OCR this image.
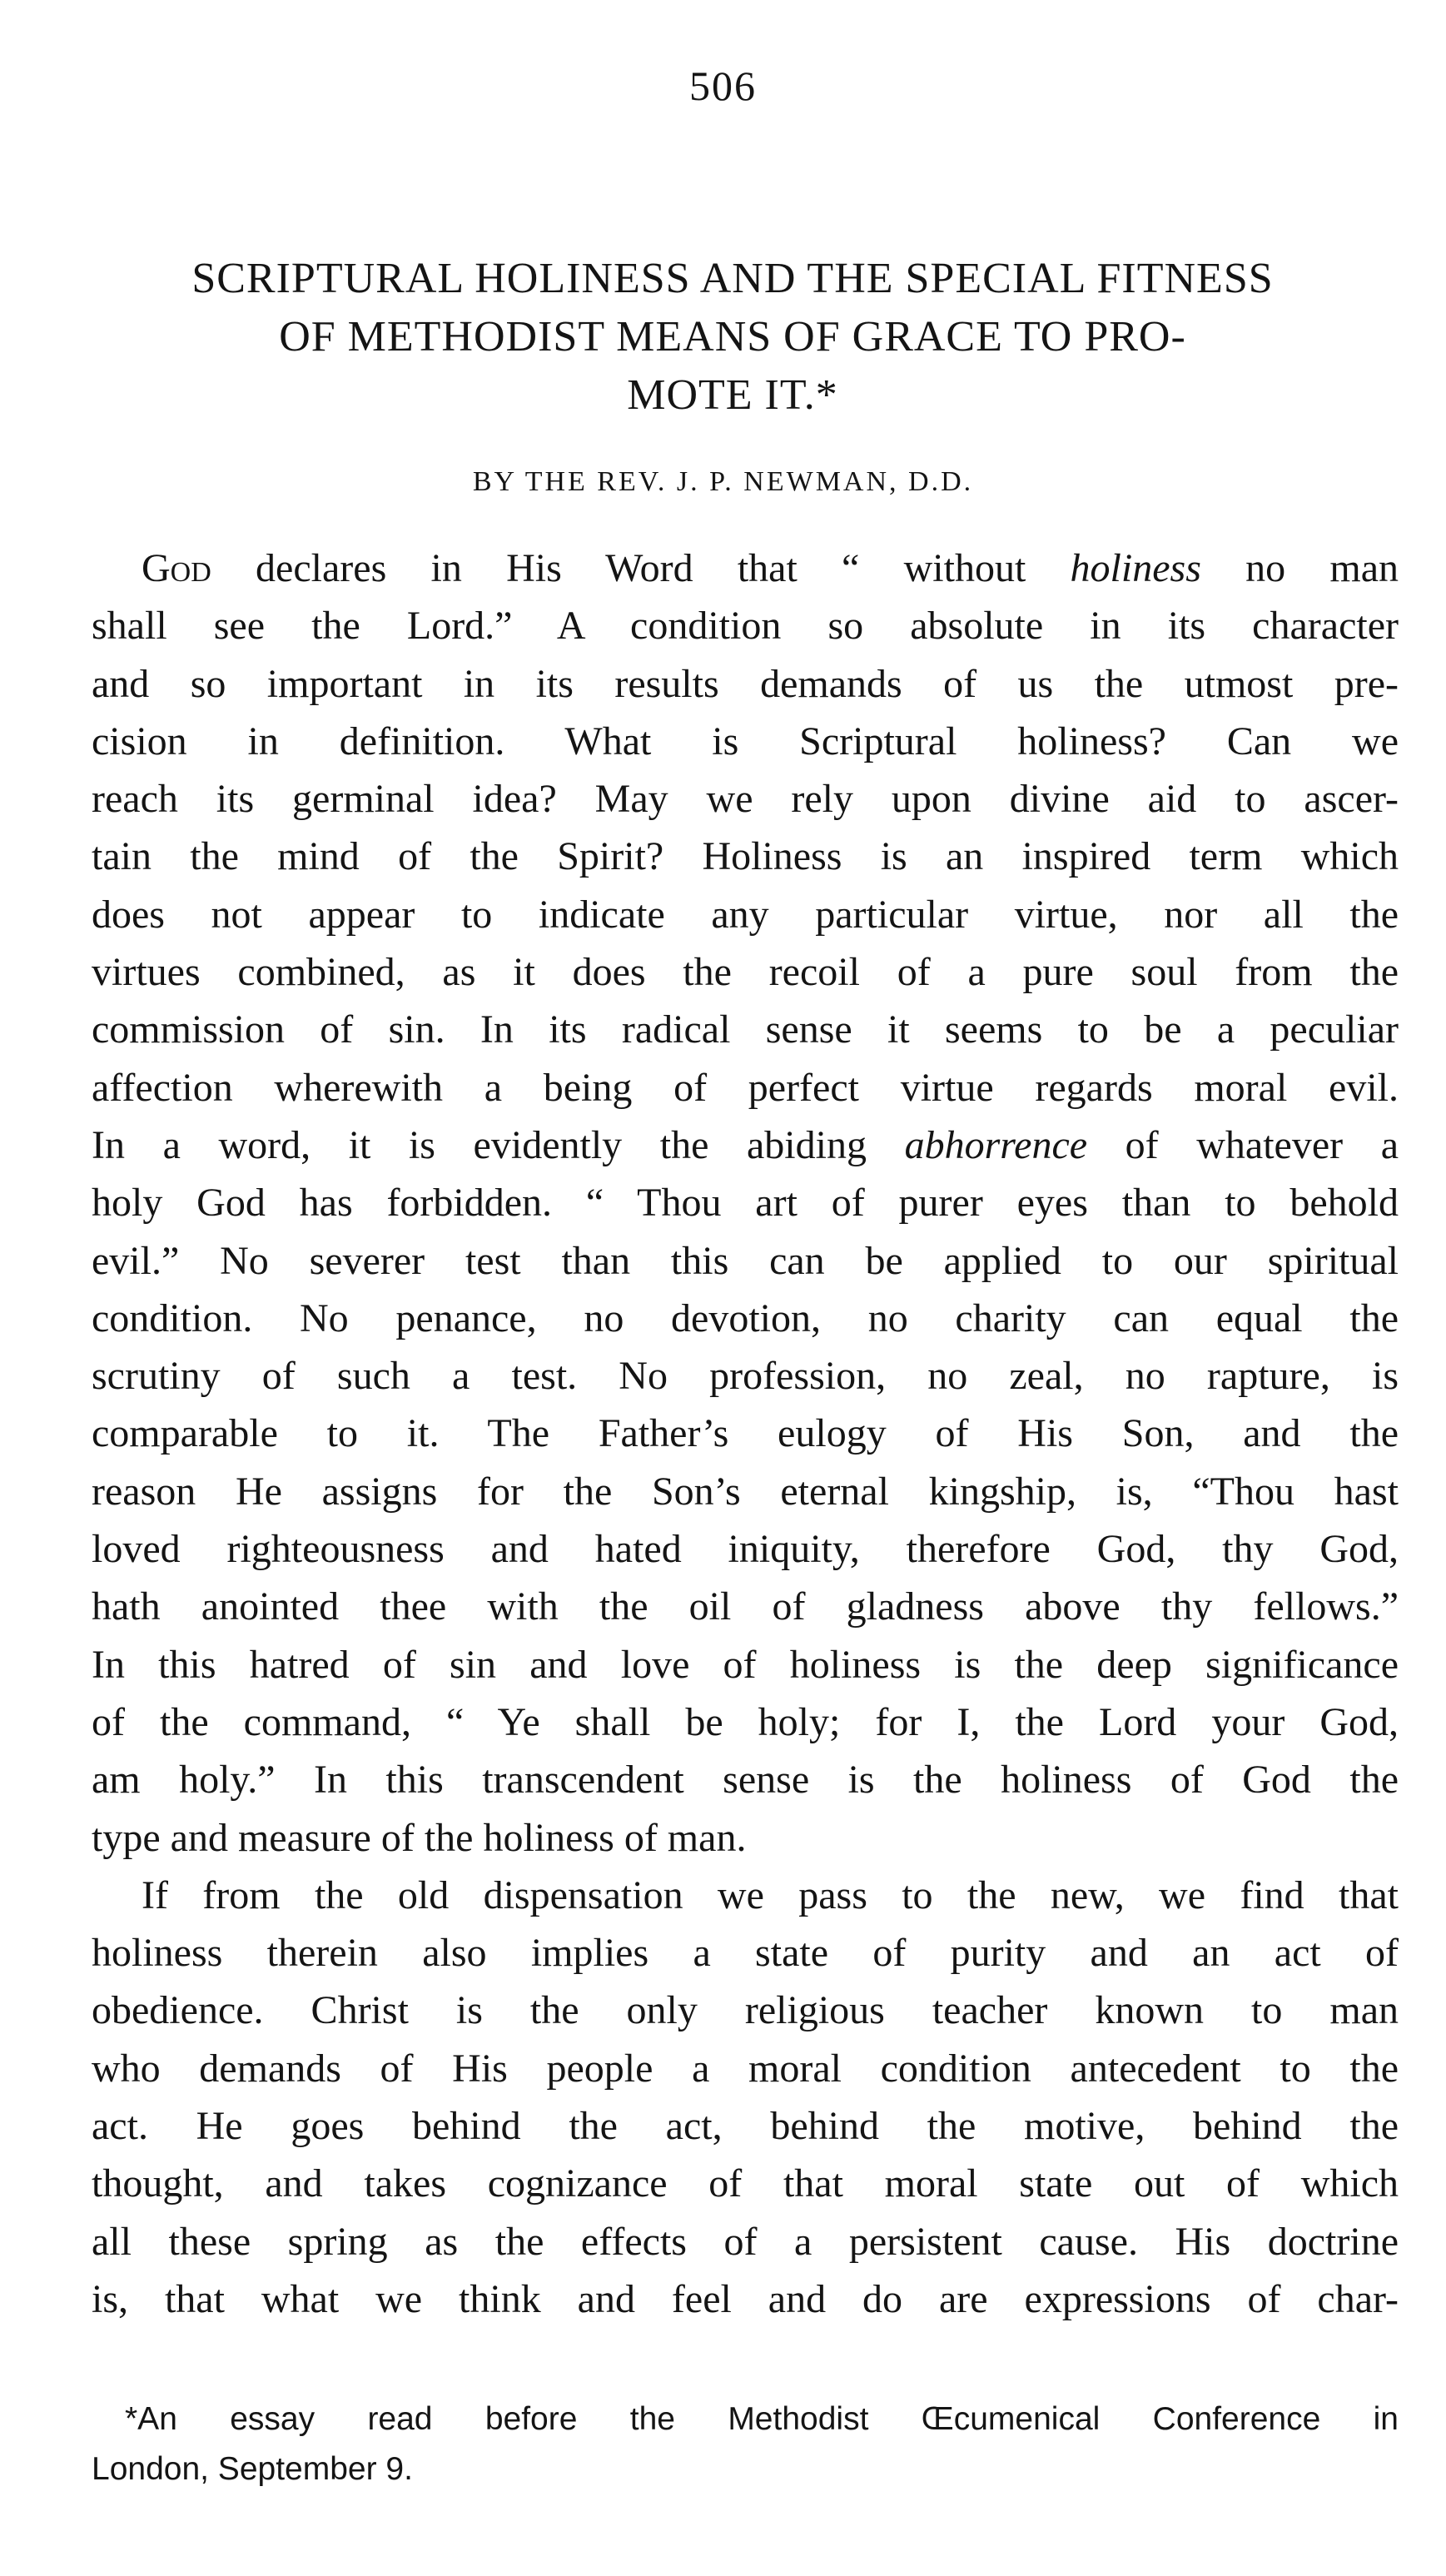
506
SCRIPTURAL HOLINESS AND THE SPECIAL FITNESS
OF METHODIST MEANS OF GRACE TO PRO-
MOTE IT.*
BY THE REV. J. P. NEWMAN, D.D.
God declares in His Word that “ without holiness no man
shall see the Lord.” A condition so absolute in its character
and so important in its results demands of us the utmost pre-
cision in definition. What is Scriptural holiness? Can we
reach its germinal idea? May we rely upon divine aid to ascer-
tain the mind of the Spirit? Holiness is an inspired term which
does not appear to indicate any particular virtue, nor all the
virtues combined, as it does the recoil of a pure soul from the
commission of sin. In its radical sense it seems to be a peculiar
affection wherewith a being of perfect virtue regards moral evil.
In a word, it is evidently the abiding abhorrence of whatever a
holy God has forbidden. “ Thou art of purer eyes than to behold
evil.” No severer test than this can be applied to our spiritual
condition. No penance, no devotion, no charity can equal the
scrutiny of such a test. No profession, no zeal, no rapture, is
comparable to it. The Father’s eulogy of His Son, and the
reason He assigns for the Son’s eternal kingship, is, “Thou hast
loved righteousness and hated iniquity, therefore God, thy God,
hath anointed thee with the oil of gladness above thy fellows.”
In this hatred of sin and love of holiness is the deep significance
of the command, “ Ye shall be holy; for I, the Lord your God,
am holy.” In this transcendent sense is the holiness of God the
type and measure of the holiness of man.
If from the old dispensation we pass to the new, we find that
holiness therein also implies a state of purity and an act of
obedience. Christ is the only religious teacher known to man
who demands of His people a moral condition antecedent to the
act. He goes behind the act, behind the motive, behind the
thought, and takes cognizance of that moral state out of which
all these spring as the effects of a persistent cause. His doctrine
is, that what we think and feel and do are expressions of char-
*An essay read before the Methodist Œcumenical Conference in
London, September 9.
